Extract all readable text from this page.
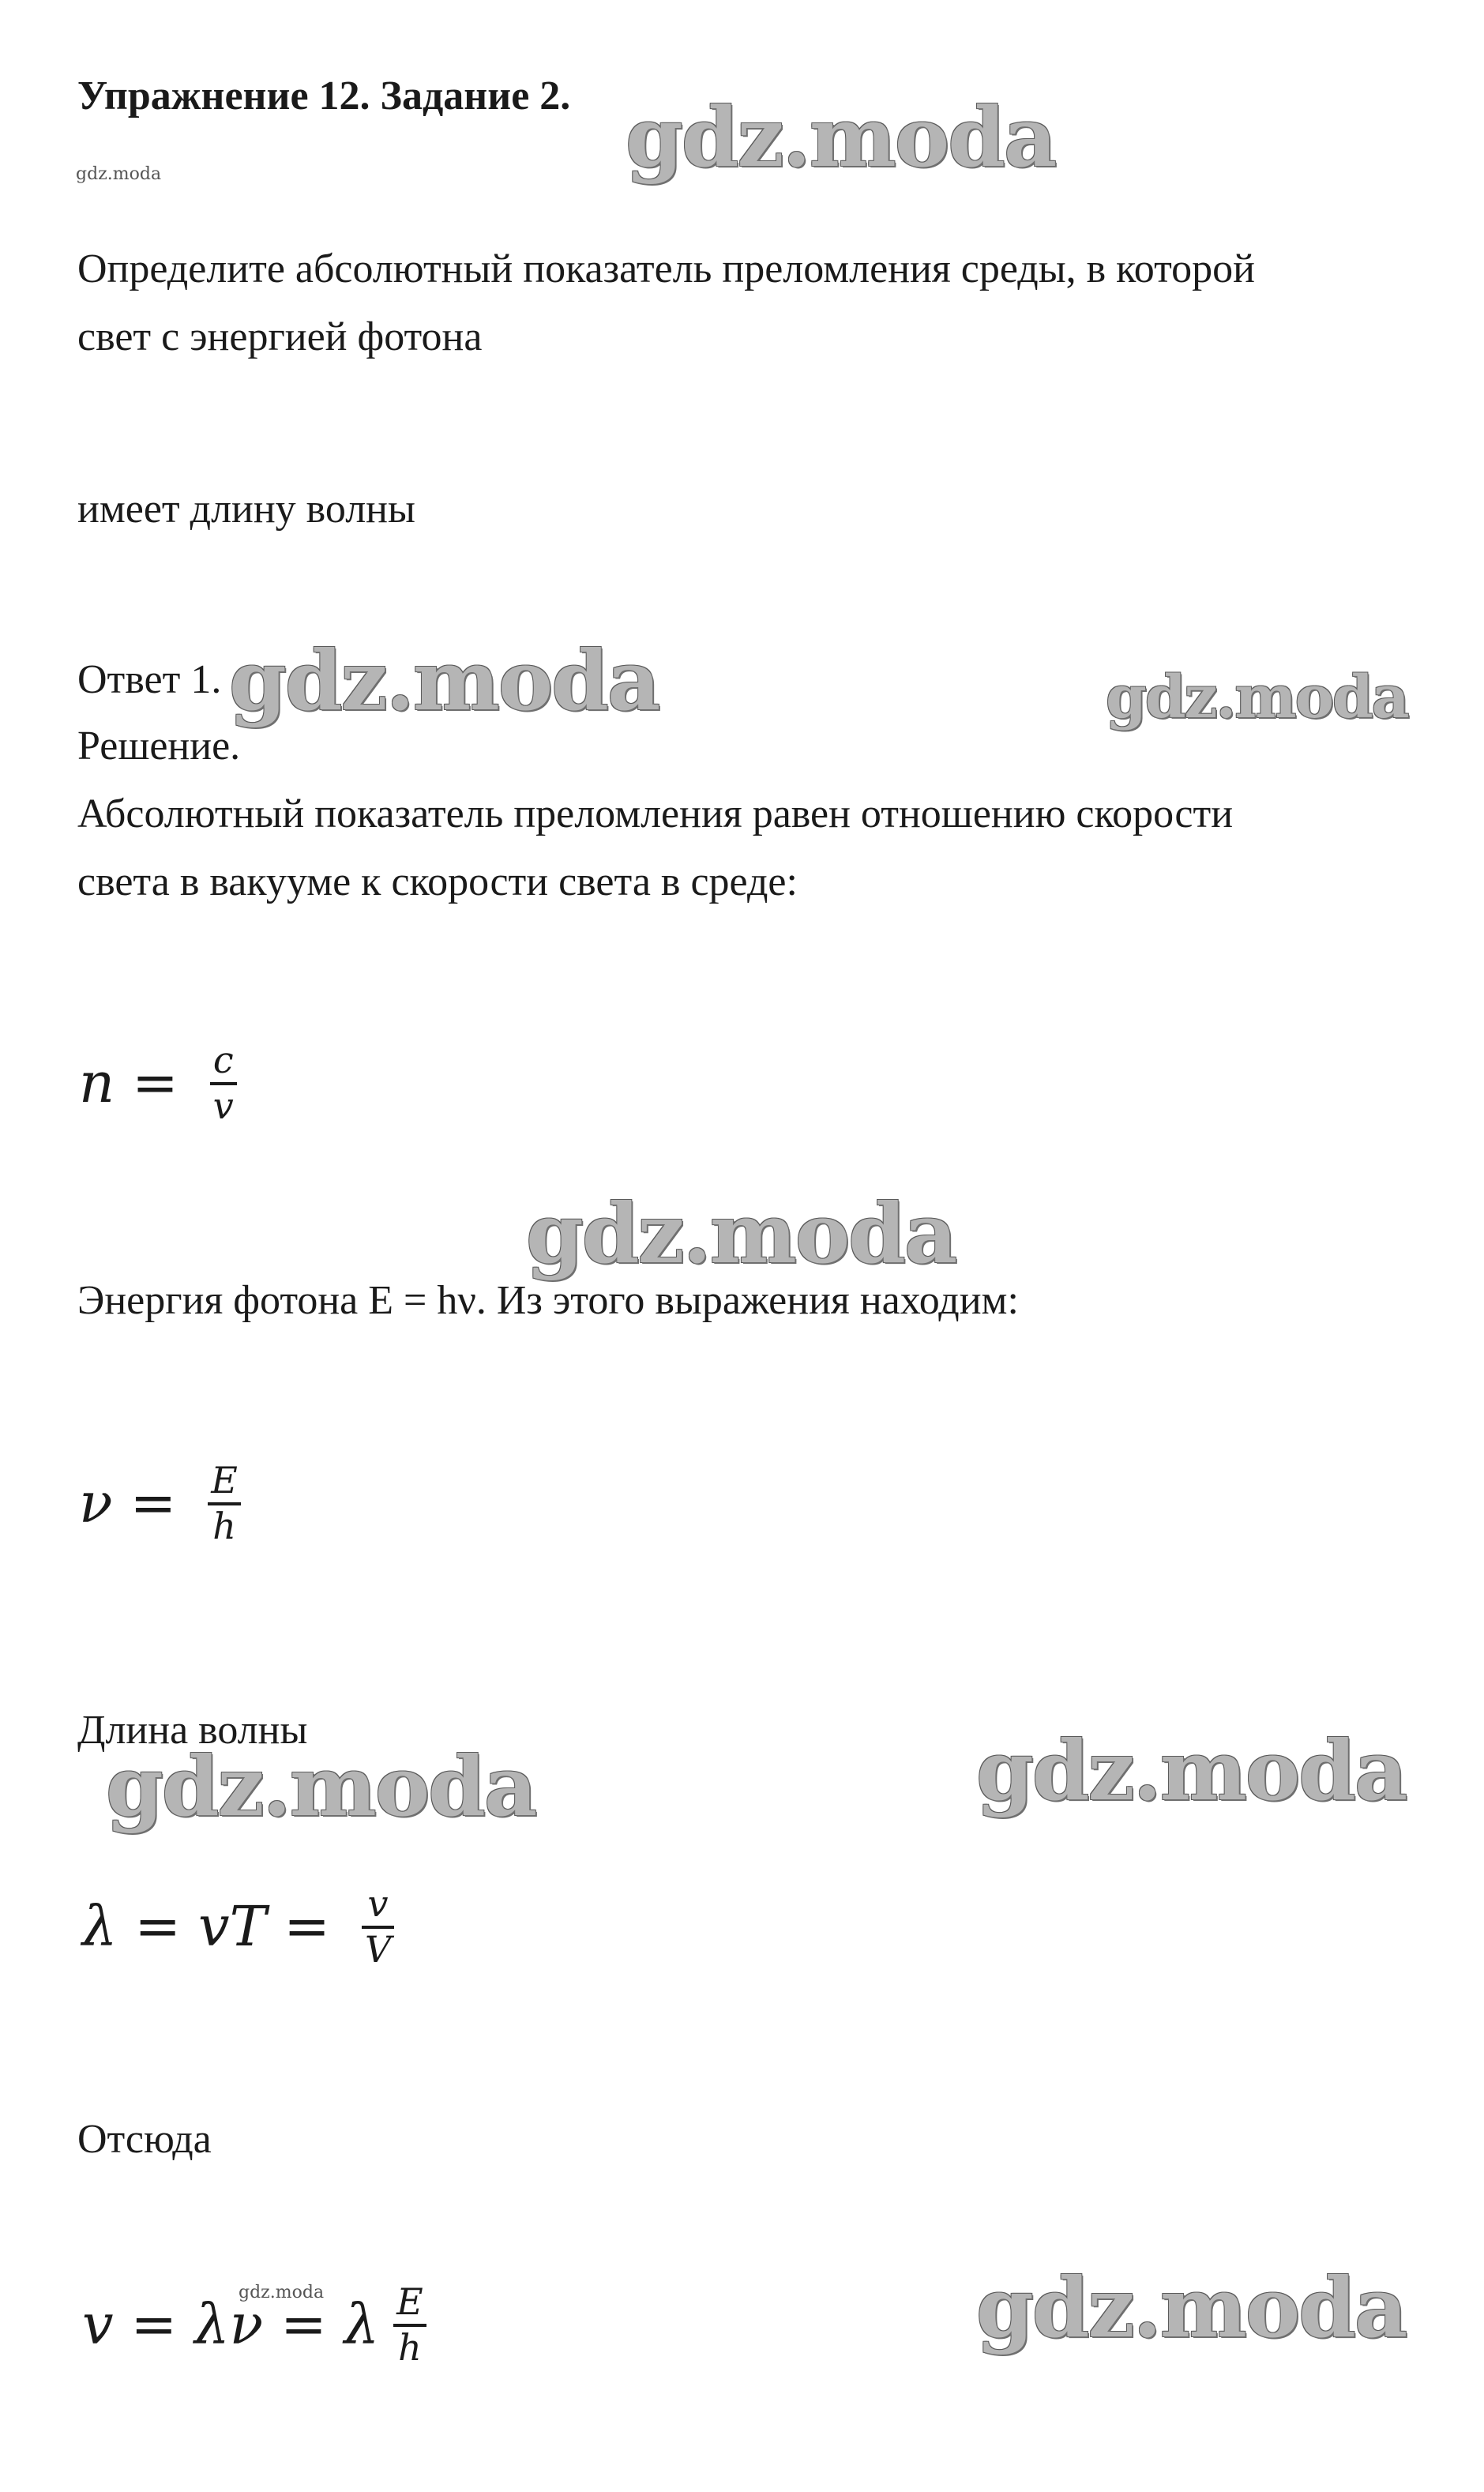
Упражнение 12. Задание 2.
gdz.moda	gdz.moda
Определите абсолютный показатель преломления среды, в которой
свет с энергией фотона
имеет длину волны
Ответ 1. gdz.moda	gdz.moda
Решение.
Абсолютный показатель преломления равен отношению скорости
света в вакууме к скорости света в среде:
$n = \frac{c}{v}$
gdz.moda
Энергия фотона E = hν. Из этого выражения находим:
$\nu = \frac{E}{h}$
Длина волны
gdz.moda	gdz.moda
λ = vT = $\frac{v}{V}$
Отсюда
v = λν = λ $\frac{E}{h}$
gdz.moda	gdz.moda
